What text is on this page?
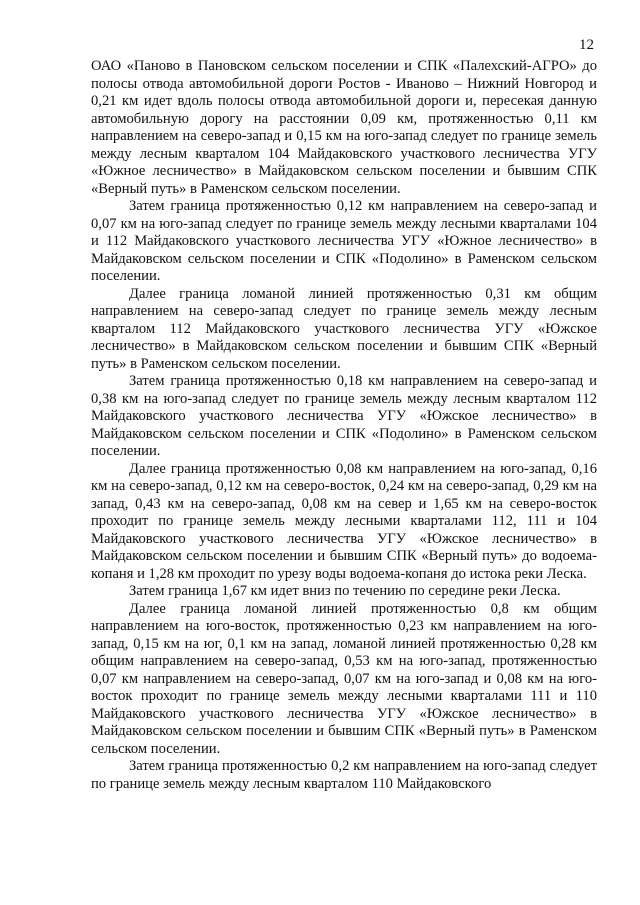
12

ОАО «Паново в Пановском сельском поселении и СПК «Палехский-АГРО» до полосы отвода автомобильной дороги Ростов - Иваново – Нижний Новгород и 0,21 км идет вдоль полосы отвода автомобильной дороги и, пересекая данную автомобильную дорогу на расстоянии 0,09 км, протяженностью 0,11 км направлением на северо-запад и 0,15 км на юго-запад следует по границе земель между лесным кварталом 104 Майдаковского участкового лесничества УГУ «Южное лесничество» в Майдаковском сельском поселении и бывшим СПК «Верный путь» в Раменском сельском поселении.

Затем граница протяженностью 0,12 км направлением на северо-запад и 0,07 км на юго-запад следует по границе земель между лесными кварталами 104 и 112 Майдаковского участкового лесничества УГУ «Южное лесничество» в Майдаковском сельском поселении и СПК «Подолино» в Раменском сельском поселении.

Далее граница ломаной линией протяженностью 0,31 км общим направлением на северо-запад следует по границе земель между лесным кварталом 112 Майдаковского участкового лесничества УГУ «Южское лесничество» в Майдаковском сельском поселении и бывшим СПК «Верный путь» в Раменском сельском поселении.

Затем граница протяженностью 0,18 км направлением на северо-запад и 0,38 км на юго-запад следует по границе земель между лесным кварталом 112 Майдаковского участкового лесничества УГУ «Южское лесничество» в Майдаковском сельском поселении и СПК «Подолино» в Раменском сельском поселении.

Далее граница протяженностью 0,08 км направлением на юго-запад, 0,16 км на северо-запад, 0,12 км на северо-восток, 0,24 км на северо-запад, 0,29 км на запад, 0,43 км на северо-запад, 0,08 км на север и 1,65 км на северо-восток проходит по границе земель между лесными кварталами 112, 111 и 104 Майдаковского участкового лесничества УГУ «Южское лесничество» в Майдаковском сельском поселении и бывшим СПК «Верный путь» до водоема-копаня и 1,28 км проходит по урезу воды водоема-копаня до истока реки Леска.

Затем граница 1,67 км идет вниз по течению по середине реки Леска.

Далее граница ломаной линией протяженностью 0,8 км общим направлением на юго-восток, протяженностью 0,23 км направлением на юго-запад, 0,15 км на юг, 0,1 км на запад, ломаной линией протяженностью 0,28 км общим направлением на северо-запад, 0,53 км на юго-запад, протяженностью 0,07 км направлением на северо-запад, 0,07 км на юго-запад и 0,08 км на юго-восток проходит по границе земель между лесными кварталами 111 и 110 Майдаковского участкового лесничества УГУ «Южское лесничество» в Майдаковском сельском поселении и бывшим СПК «Верный путь» в Раменском сельском поселении.

Затем граница протяженностью 0,2 км направлением на юго-запад следует по границе земель между лесным кварталом 110 Майдаковского
